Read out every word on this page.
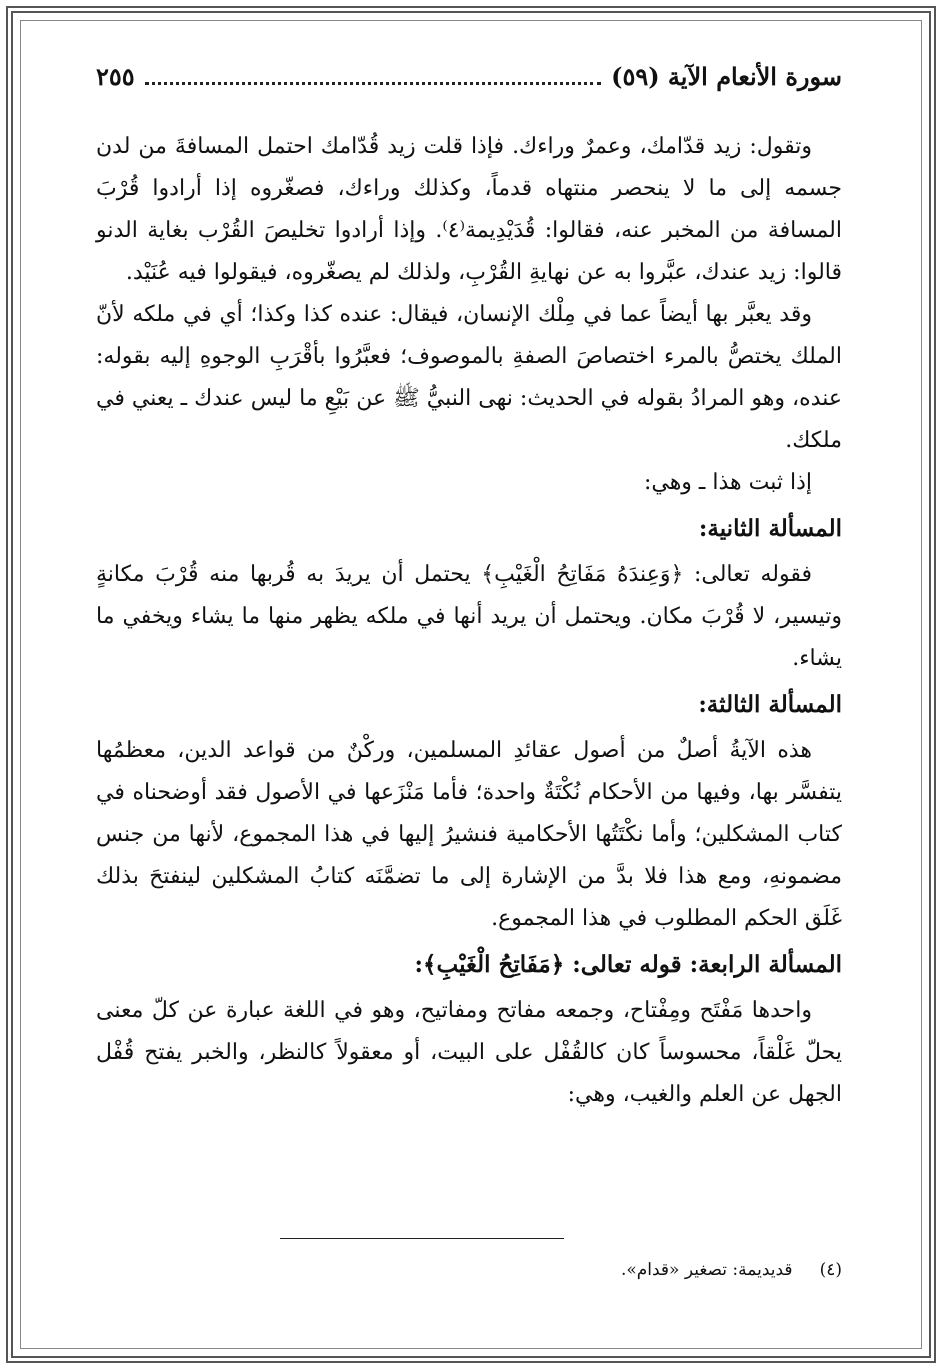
سورة الأنعام الآية (٥٩)
٢٥٥

وتقول: زيد قدّامك، وعمرٌ وراءك. فإذا قلت زيد قُدّامك احتمل المسافةَ من لدن جسمه إلى ما لا ينحصر منتهاه قدماً، وكذلك وراءك، فصغّروه إذا أرادوا قُرْبَ المسافة من المخبر عنه، فقالوا: قُدَيْدِيمة⁽٤⁾. وإذا أرادوا تخليصَ القُرْب بغاية الدنو قالوا: زيد عندك، عبَّروا به عن نهايةِ القُرْبِ، ولذلك لم يصغّروه، فيقولوا فيه عُنَيْد.

وقد يعبَّر بها أيضاً عما في مِلْك الإنسان، فيقال: عنده كذا وكذا؛ أي في ملكه لأنّ الملك يختصُّ بالمرء اختصاصَ الصفةِ بالموصوف؛ فعبَّرُوا بأقْرَبِ الوجوهِ إليه بقوله: عنده، وهو المرادُ بقوله في الحديث: نهى النبيُّ ﷺ عن بَيْعِ ما ليس عندك ـ يعني في ملكك.

إذا ثبت هذا ـ وهي:

المسألة الثانية:

فقوله تعالى: ﴿وَعِندَهُ مَفَاتِحُ الْغَيْبِ﴾ يحتمل أن يريدَ به قُربها منه قُرْبَ مكانةٍ وتيسير، لا قُرْبَ مكان. ويحتمل أن يريد أنها في ملكه يظهر منها ما يشاء ويخفي ما يشاء.

المسألة الثالثة:

هذه الآيةُ أصلٌ من أصول عقائدِ المسلمين، وركْنٌ من قواعد الدين، معظمُها يتفسَّر بها، وفيها من الأحكام نُكْتَةٌ واحدة؛ فأما مَنْزَعها في الأصول فقد أوضحناه في كتاب المشكلين؛ وأما نكْتَتُها الأحكامية فنشيرُ إليها في هذا المجموع، لأنها من جنس مضمونهِ، ومع هذا فلا بدَّ من الإشارة إلى ما تضمَّنَه كتابُ المشكلين لينفتحَ بذلك غَلَق الحكم المطلوب في هذا المجموع.

المسألة الرابعة: قوله تعالى: ﴿مَفَاتِحُ الْغَيْبِ﴾:

واحدها مَفْتَح ومِفْتاح، وجمعه مفاتح ومفاتيح، وهو في اللغة عبارة عن كلّ معنى يحلّ غَلْقاً، محسوساً كان كالقُفْل على البيت، أو معقولاً كالنظر، والخبر يفتح قُفْل الجهل عن العلم والغيب، وهي:

(٤)     قديديمة: تصغير «قدام».
